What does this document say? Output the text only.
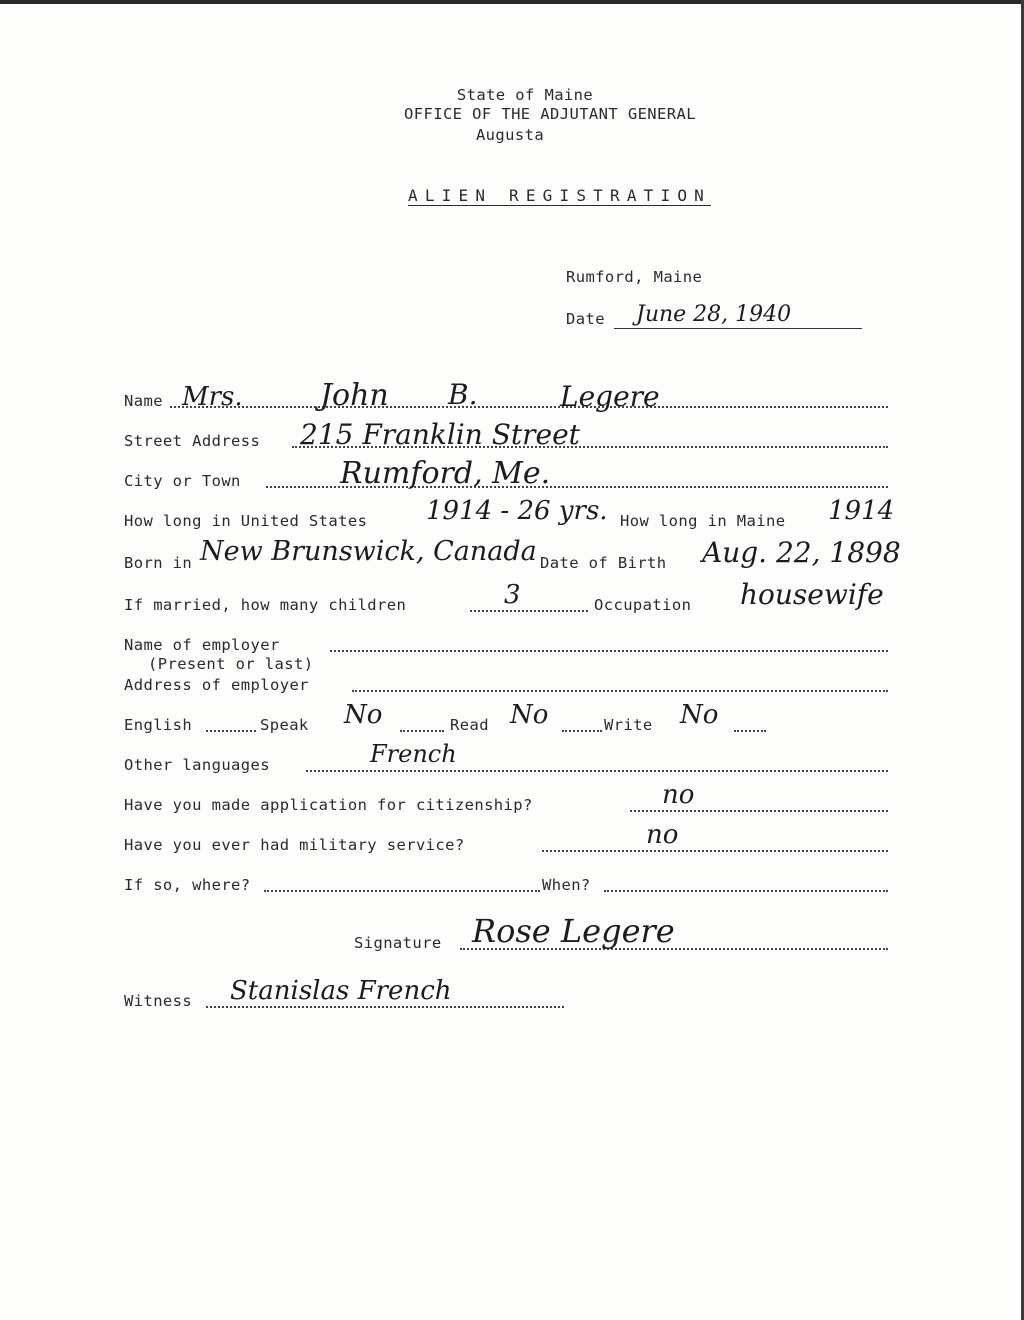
State of Maine
OFFICE OF THE ADJUTANT GENERAL
Augusta
ALIEN REGISTRATION
Rumford, Maine
Date June 28, 1940
Name Mrs.	John B.	Legere
Street Address 215 Franklin Street
City or Town	Rumford, Me.
How long in United States 1914 - 26 yrs. How long in Maine 1914
Born in New Brunswick, Canada Date of Birth Aug. 22, 1898
If married, how many children	3	Occupation housewife
Name of employer
(Present or last)
Address of employer
English	Speak No	Read No	Write No
Other languages	French
Have you made application for citizenship?	no
Have you ever had military service?	no
If so, where?	When?
Signature Rose Legere
Witness Stanislas French
